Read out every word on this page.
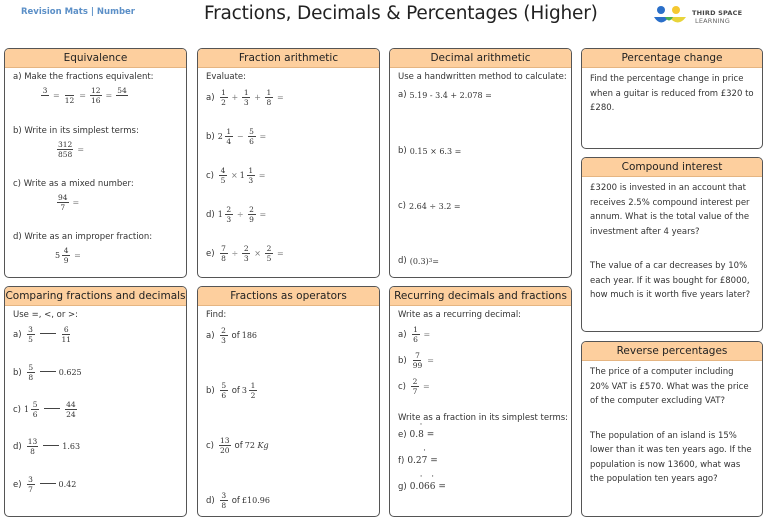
Revision Mats | Number	Fractions, Decimals & Percentages (Higher)	THIRD SPACE
LEARNING
Equivalence
a) Make the fractions equivalent:
3

=

12
= $\frac{12}{16}$ =
54

b) Write in its simplest terms:
$\frac{312}{858}$ =
c) Write as a mixed number:
$\frac{94}{7}$ =
d) Write as an improper fraction:
$5 \frac{4}{9}$ =
Fraction arithmetic
Evaluate:
$a) \frac{1}{2} + \frac{1}{3} + \frac{1}{8}$ =
b) $2 \frac{1}{4} - \frac{5}{6}$ =
$c) \frac{4}{5} \times 1 \frac{1}{3}$ =
d) $1 \frac{2}{3} \div \frac{2}{9}$ =
$e) \frac{7}{8} \div \frac{2}{3} \times \frac{2}{5}$ =
Decimal arithmetic
Use a handwritten method to calculate:
a) 5.19 - 3.4 + 2.078 =
b) 0.15 × 6.3 =
c) 2.64 ÷ 3.2 =
d) (0.3) 3 =
Percentage change
Find the percentage change in price when a guitar is reduced from £320 to £280.
Compound interest
£3200 is invested in an account that receives 2.5% compound interest per annum. What is the total value of the investment after 4 years?
The value of a car decreases by 10% each year. If it was bought for £8000, how much is it worth five years later?
Comparing fractions and decimals
Use =, <, or >:
$a) \frac{3}{5}$	$\frac{6}{11}$
$b) \frac{5}{8}$	0.625
c) $1 \frac{5}{6}$	$\frac{44}{24}$
$d) \frac{13}{8}$	1.63
$e) \frac{3}{7}$	0.42
Fractions as operators
Find:
$a) \frac{2}{3}$ of 186
$b) \frac{5}{6}$ of $3 \frac{1}{2}$
$c) \frac{13}{20}$ of 72 Kg
$d) \frac{3}{8}$ of £10.96
Recurring decimals and fractions
Write as a recurring decimal:
$a) \frac{1}{6}$ =
$b) \frac{7}{99}$ =
$c) \frac{2}{7}$ =
Write as a fraction in its simplest terms:
e) 0. 8 ˙ =
f) 0.2 7 ˙ =
g) 0. 0 ˙ 6 6 ˙ =
Reverse percentages
The price of a computer including 20% VAT is £570. What was the price of the computer excluding VAT?
The population of an island is 15% lower than it was ten years ago. If the population is now 13600, what was the population ten years ago?
